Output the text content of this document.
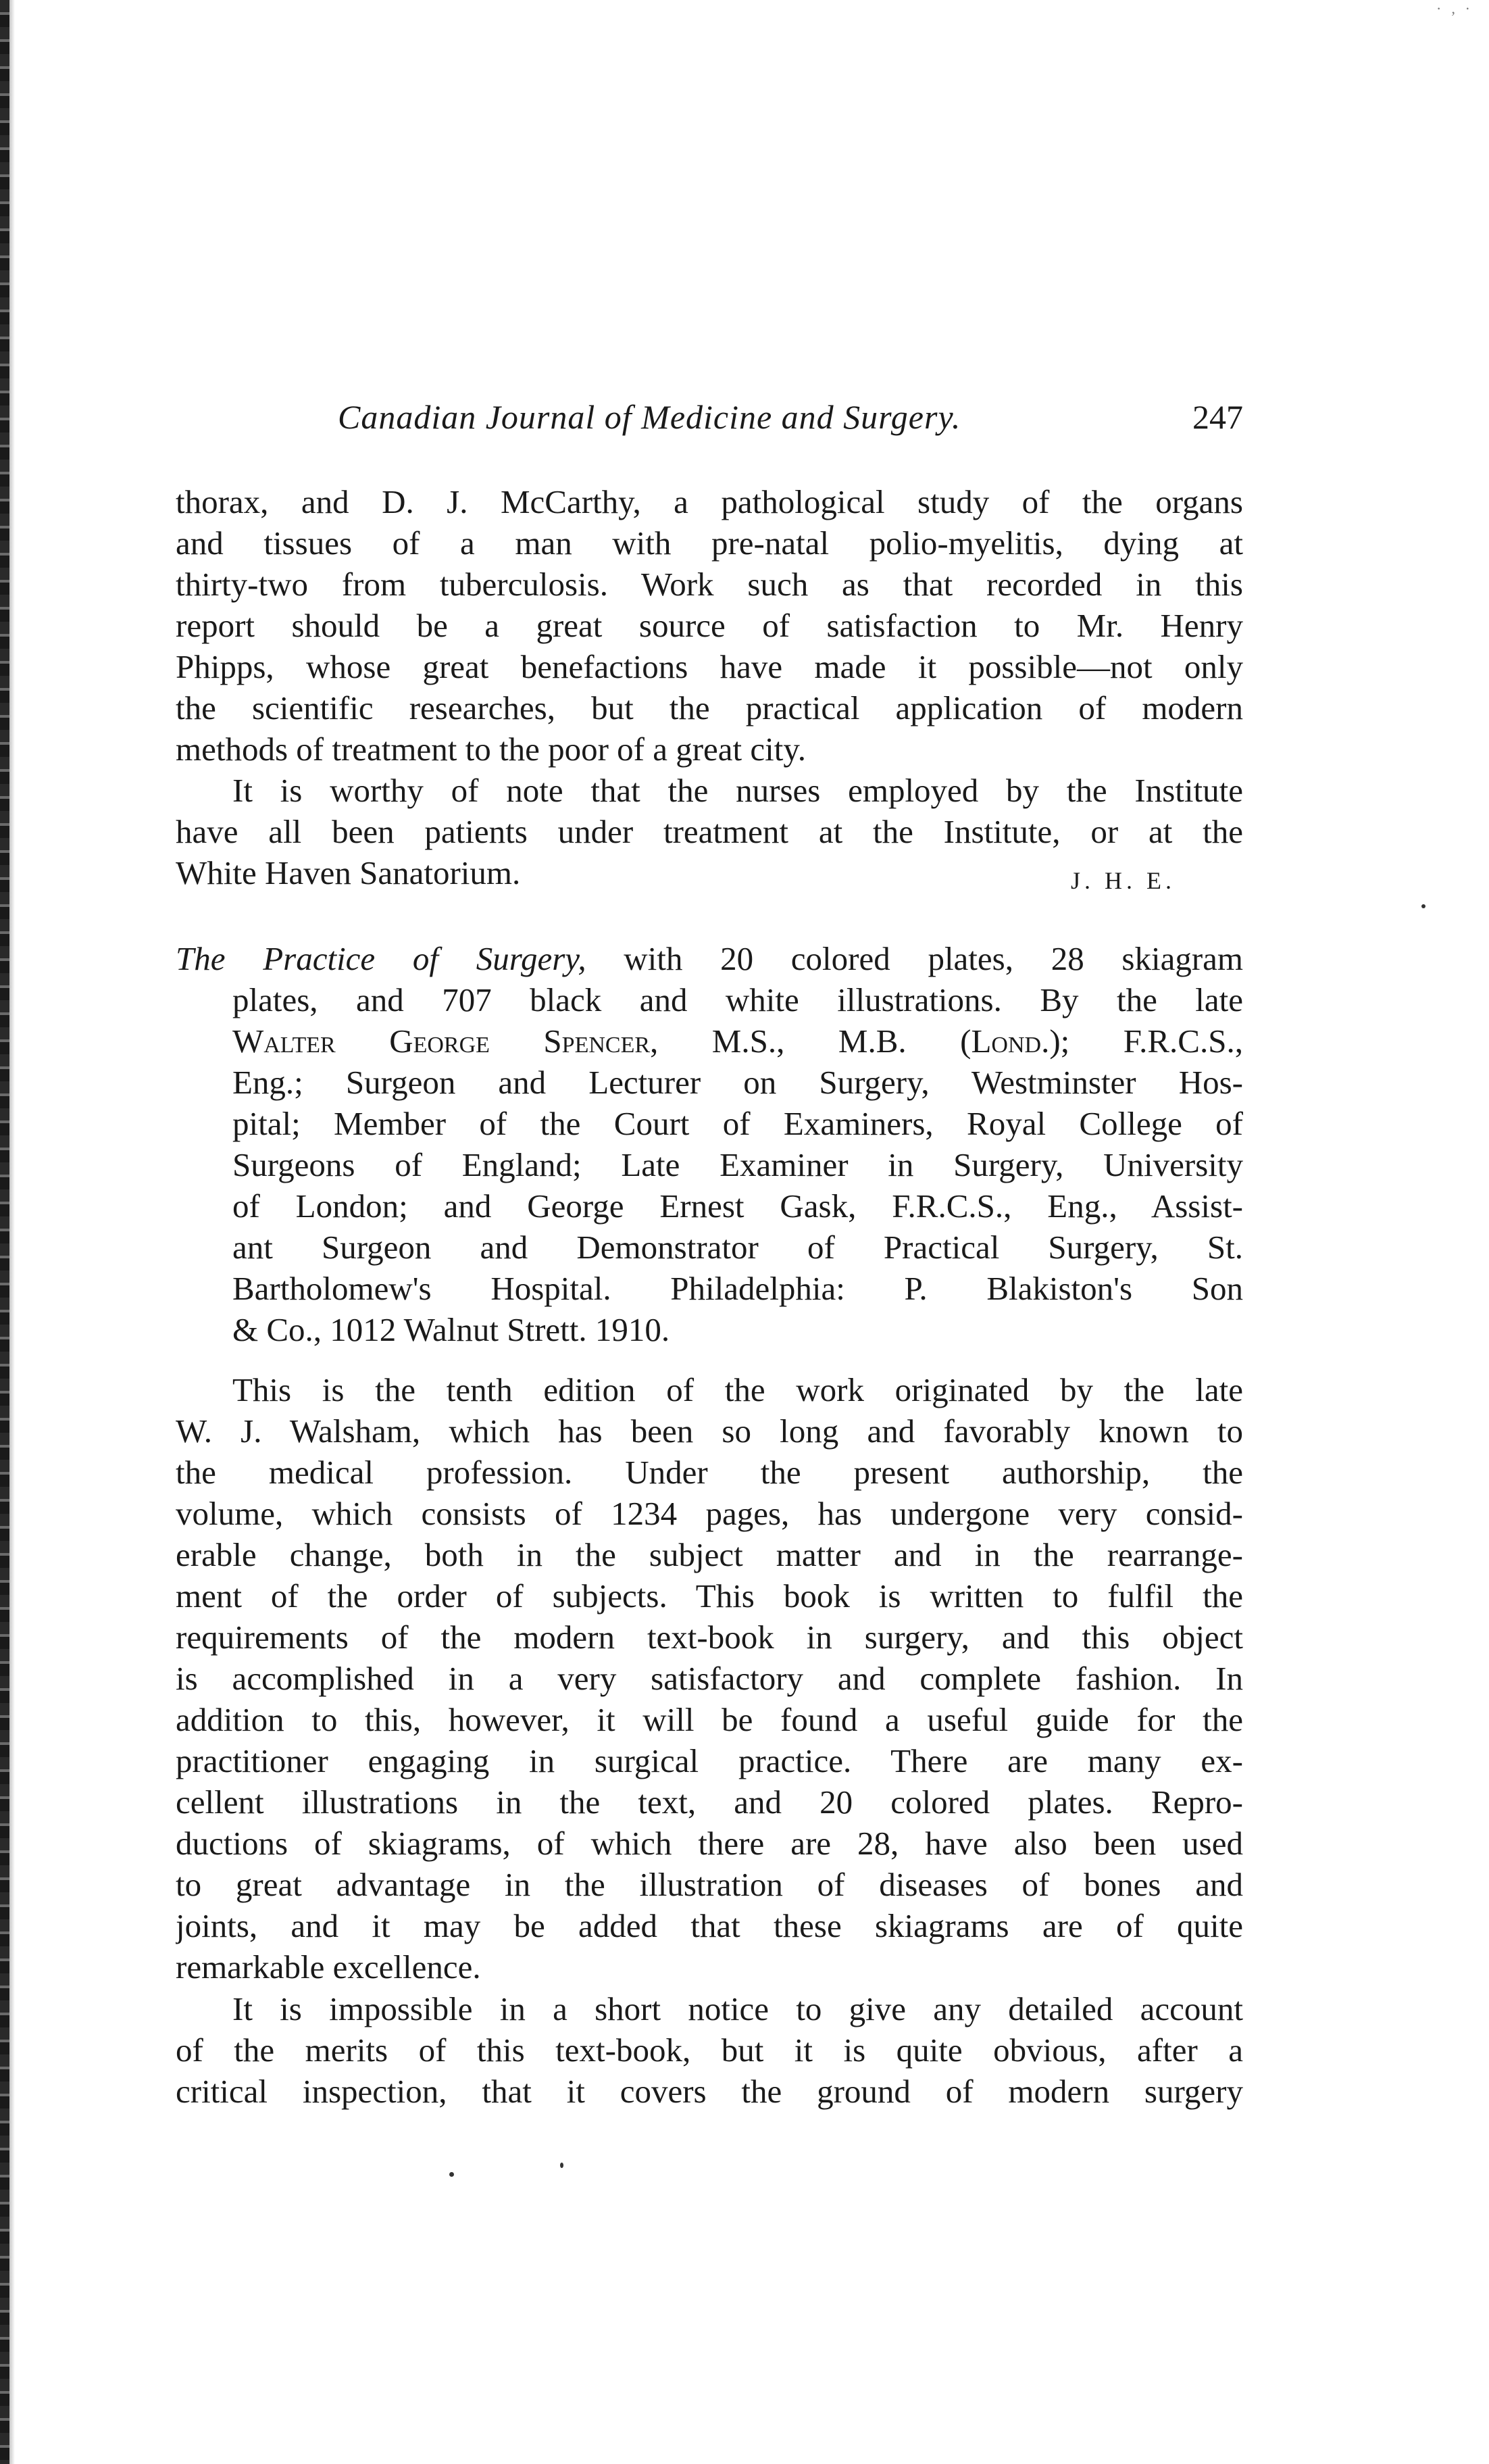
·‚·
Canadian Journal of Medicine and Surgery.	247
thorax, and D. J. McCarthy, a pathological study of the organs
and tissues of a man with pre-natal polio-myelitis, dying at
thirty-two from tuberculosis. Work such as that recorded in this
report should be a great source of satisfaction to Mr. Henry
Phipps, whose great benefactions have made it possible—not only
the scientific researches, but the practical application of modern
methods of treatment to the poor of a great city.
It is worthy of note that the nurses employed by the Institute
have all been patients under treatment at the Institute, or at the
White Haven Sanatorium.	J. H. E.
The Practice of Surgery, with 20 colored plates, 28 skiagram
plates, and 707 black and white illustrations. By the late
Walter George Spencer, M.S., M.B. (Lond.); F.R.C.S.,
Eng.; Surgeon and Lecturer on Surgery, Westminster Hos-
pital; Member of the Court of Examiners, Royal College of
Surgeons of England; Late Examiner in Surgery, University
of London; and George Ernest Gask, F.R.C.S., Eng., Assist-
ant Surgeon and Demonstrator of Practical Surgery, St.
Bartholomew's Hospital. Philadelphia: P. Blakiston's Son
& Co., 1012 Walnut Strett. 1910.
This is the tenth edition of the work originated by the late
W. J. Walsham, which has been so long and favorably known to
the medical profession. Under the present authorship, the
volume, which consists of 1234 pages, has undergone very consid-
erable change, both in the subject matter and in the rearrange-
ment of the order of subjects. This book is written to fulfil the
requirements of the modern text-book in surgery, and this object
is accomplished in a very satisfactory and complete fashion. In
addition to this, however, it will be found a useful guide for the
practitioner engaging in surgical practice. There are many ex-
cellent illustrations in the text, and 20 colored plates. Repro-
ductions of skiagrams, of which there are 28, have also been used
to great advantage in the illustration of diseases of bones and
joints, and it may be added that these skiagrams are of quite
remarkable excellence.
It is impossible in a short notice to give any detailed account
of the merits of this text-book, but it is quite obvious, after a
critical inspection, that it covers the ground of modern surgery
